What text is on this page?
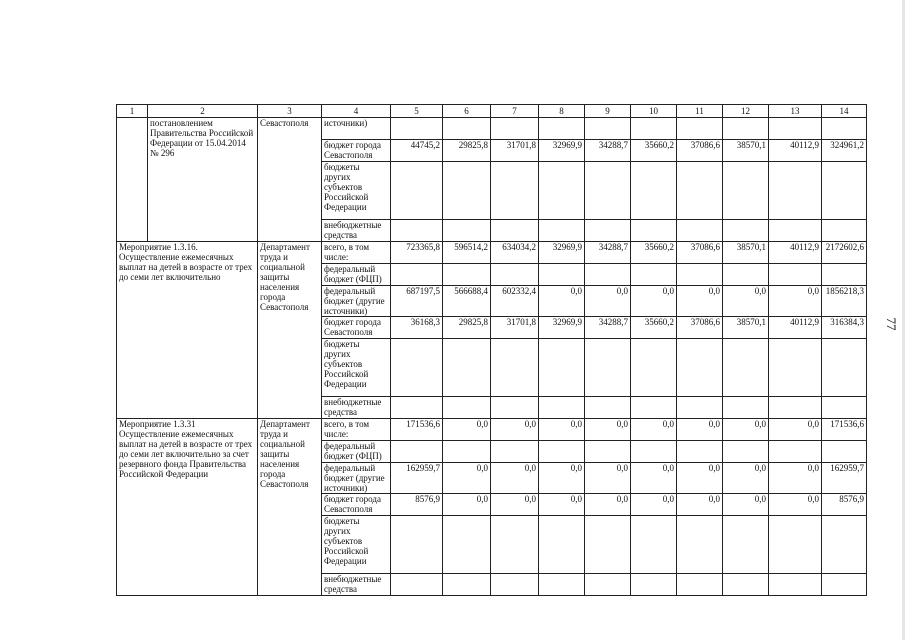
1	2	3	4	5	6	7	8	9	10	11	12	13	14
	постановлением Правительства Российской Федерации от 15.04.2014 № 296	Севастополя	источники)										
			бюджет города Севастополя	44745,2	29825,8	31701,8	32969,9	34288,7	35660,2	37086,6	38570,1	40112,9	324961,2
			бюджеты других субъектов Российской Федерации										
			внебюджетные средства										
Мероприятие 1.3.16. Осуществление ежемесячных выплат на детей в возрасте от трех до семи лет включительно		Департамент труда и социальной защиты населения города Севастополя	всего, в том числе:	723365,8	596514,2	634034,2	32969,9	34288,7	35660,2	37086,6	38570,1	40112,9	2172602,6
			федеральный бюджет (ФЦП)										
			федеральный бюджет (другие источники)	687197,5	566688,4	602332,4	0,0	0,0	0,0	0,0	0,0	0,0	1856218,3
			бюджет города Севастополя	36168,3	29825,8	31701,8	32969,9	34288,7	35660,2	37086,6	38570,1	40112,9	316384,3
			бюджеты других субъектов Российской Федерации										
			внебюджетные средства										
Мероприятие 1.3.31 Осуществление ежемесячных выплат на детей в возрасте от трех до семи лет включительно за счет резервного фонда Правительства Российской Федерации		Департамент труда и социальной защиты населения города Севастополя	всего, в том числе:	171536,6	0,0	0,0	0,0	0,0	0,0	0,0	0,0	0,0	171536,6
			федеральный бюджет (ФЦП)										
			федеральный бюджет (другие источники)	162959,7	0,0	0,0	0,0	0,0	0,0	0,0	0,0	0,0	162959,7
			бюджет города Севастополя	8576,9	0,0	0,0	0,0	0,0	0,0	0,0	0,0	0,0	8576,9
			бюджеты других субъектов Российской Федерации										
			внебюджетные средства										
77
